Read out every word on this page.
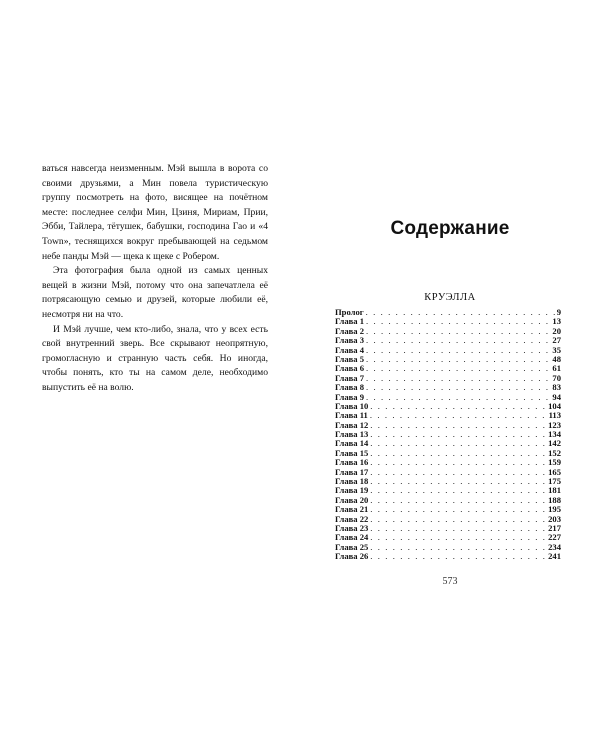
ваться навсегда неизменным. Мэй вышла в ворота со своими друзьями, а Мин повела туристическую группу посмотреть на фото, висящее на почётном месте: последнее селфи Мин, Цзиня, Мириам, Прии, Эбби, Тайлера, тётушек, бабушки, господина Гао и «4 Town», теснящихся вокруг пребывающей на седьмом небе панды Мэй — щека к щеке с Робером.

Эта фотография была одной из самых ценных вещей в жизни Мэй, потому что она запечатлела её потрясающую семью и друзей, которые любили её, несмотря ни на что.

И Мэй лучше, чем кто-либо, знала, что у всех есть свой внутренний зверь. Все скрывают неопрятную, громогласную и странную часть себя. Но иногда, чтобы понять, кто ты на самом деле, необходимо выпустить её на волю.

Содержание
КРУЭЛЛА
Пролог . . .	9
Глава 1 . . .	13
Глава 2 . . .	20
Глава 3 . . .	27
Глава 4 . . .	35
Глава 5 . . .	48
Глава 6 . . .	61
Глава 7 . . .	70
Глава 8 . . .	83
Глава 9 . . .	94
Глава 10 . . .	104
Глава 11 . . .	113
Глава 12 . . .	123
Глава 13 . . .	134
Глава 14 . . .	142
Глава 15 . . .	152
Глава 16 . . .	159
Глава 17 . . .	165
Глава 18 . . .	175
Глава 19 . . .	181
Глава 20 . . .	188
Глава 21 . . .	195
Глава 22 . . .	203
Глава 23 . . .	217
Глава 24 . . .	227
Глава 25 . . .	234
Глава 26 . . .	241
573
